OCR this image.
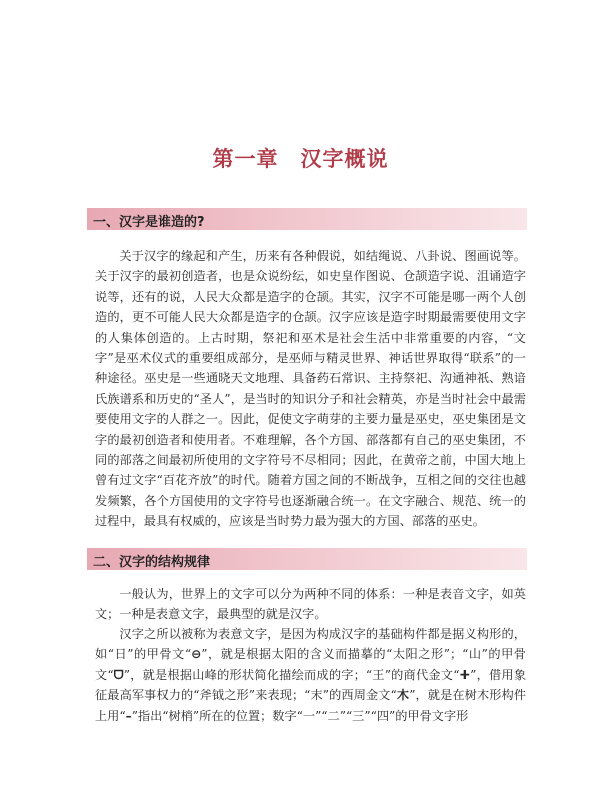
第一章　汉字概说
一、汉字是谁造的?

关于汉字的缘起和产生，历来有各种假说，如结绳说、八卦说、图画说等。关于汉字的最初创造者，也是众说纷纭，如史皇作图说、仓颉造字说、沮诵造字说等，还有的说，人民大众都是造字的仓颉。其实，汉字不可能是哪一两个人创造的，更不可能人民大众都是造字的仓颉。汉字应该是造字时期最需要使用文字的人集体创造的。上古时期，祭祀和巫术是社会生活中非常重要的内容，“文字”是巫术仪式的重要组成部分，是巫师与精灵世界、神话世界取得“联系”的一种途径。巫史是一些通晓天文地理、具备药石常识、主持祭祀、沟通神祇、熟谙氏族谱系和历史的“圣人”，是当时的知识分子和社会精英，亦是当时社会中最需要使用文字的人群之一。因此，促使文字萌芽的主要力量是巫史，巫史集团是文字的最初创造者和使用者。不难理解，各个方国、部落都有自己的巫史集团，不同的部落之间最初所使用的文字符号不尽相同；因此，在黄帝之前，中国大地上曾有过文字“百花齐放”的时代。随着方国之间的不断战争，互相之间的交往也越发频繁，各个方国使用的文字符号也逐渐融合统一。在文字融合、规范、统一的过程中，最具有权威的，应该是当时势力最为强大的方国、部落的巫史。

二、汉字的结构规律

一般认为，世界上的文字可以分为两种不同的体系：一种是表音文字，如英文；一种是表意文字，最典型的就是汉字。

汉字之所以被称为表意文字，是因为构成汉字的基础构件都是据义构形的，如“日”的甲骨文“⊖”，就是根据太阳的含义而描摹的“太阳之形”；“山”的甲骨文“ᗜ”，就是根据山峰的形状简化描绘而成的字；“王”的商代金文“ⵜ”，借用象征最高军事权力的“斧钺之形”来表现；“末”的西周金文“⽊”，就是在树木形构件上用“–”指出“树梢”所在的位置；数字“一”“二”“三”“四”的甲骨文字形
